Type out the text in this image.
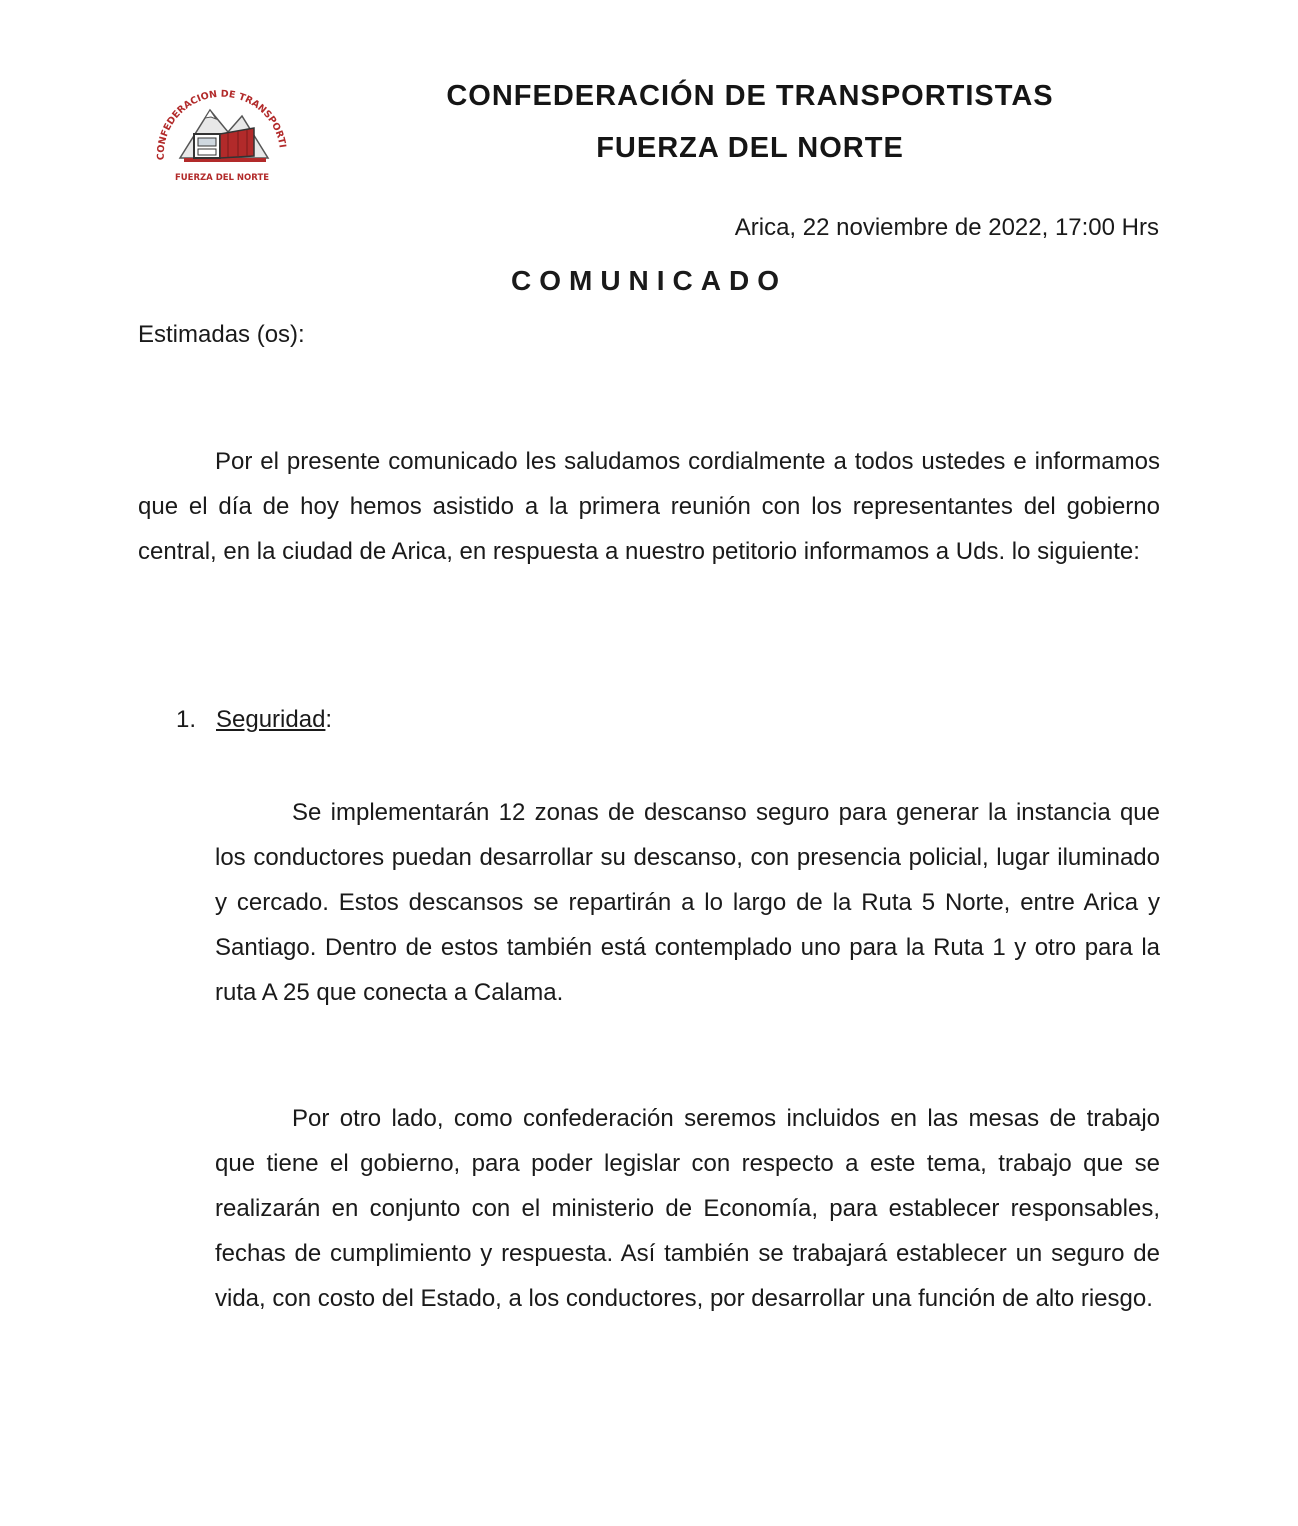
CONFEDERACION DE TRANSPORTI
FUERZA DEL NORTE
CONFEDERACIÓN DE TRANSPORTISTAS
FUERZA DEL NORTE
Arica, 22 noviembre de 2022, 17:00 Hrs
COMUNICADO
Estimadas (os):
Por el presente comunicado les saludamos cordialmente a todos ustedes e informamos que el día de hoy hemos asistido a la primera reunión con los representantes del gobierno central, en la ciudad de Arica, en respuesta a nuestro petitorio informamos a Uds. lo siguiente:
1. Seguridad:
Se implementarán 12 zonas de descanso seguro para generar la instancia que los conductores puedan desarrollar su descanso, con presencia policial, lugar iluminado y cercado. Estos descansos se repartirán a lo largo de la Ruta 5 Norte, entre Arica y Santiago. Dentro de estos también está contemplado uno para la Ruta 1 y otro para la ruta A 25 que conecta a Calama.
Por otro lado, como confederación seremos incluidos en las mesas de trabajo que tiene el gobierno, para poder legislar con respecto a este tema, trabajo que se realizarán en conjunto con el ministerio de Economía, para establecer responsables, fechas de cumplimiento y respuesta. Así también se trabajará establecer un seguro de vida, con costo del Estado, a los conductores, por desarrollar una función de alto riesgo.
